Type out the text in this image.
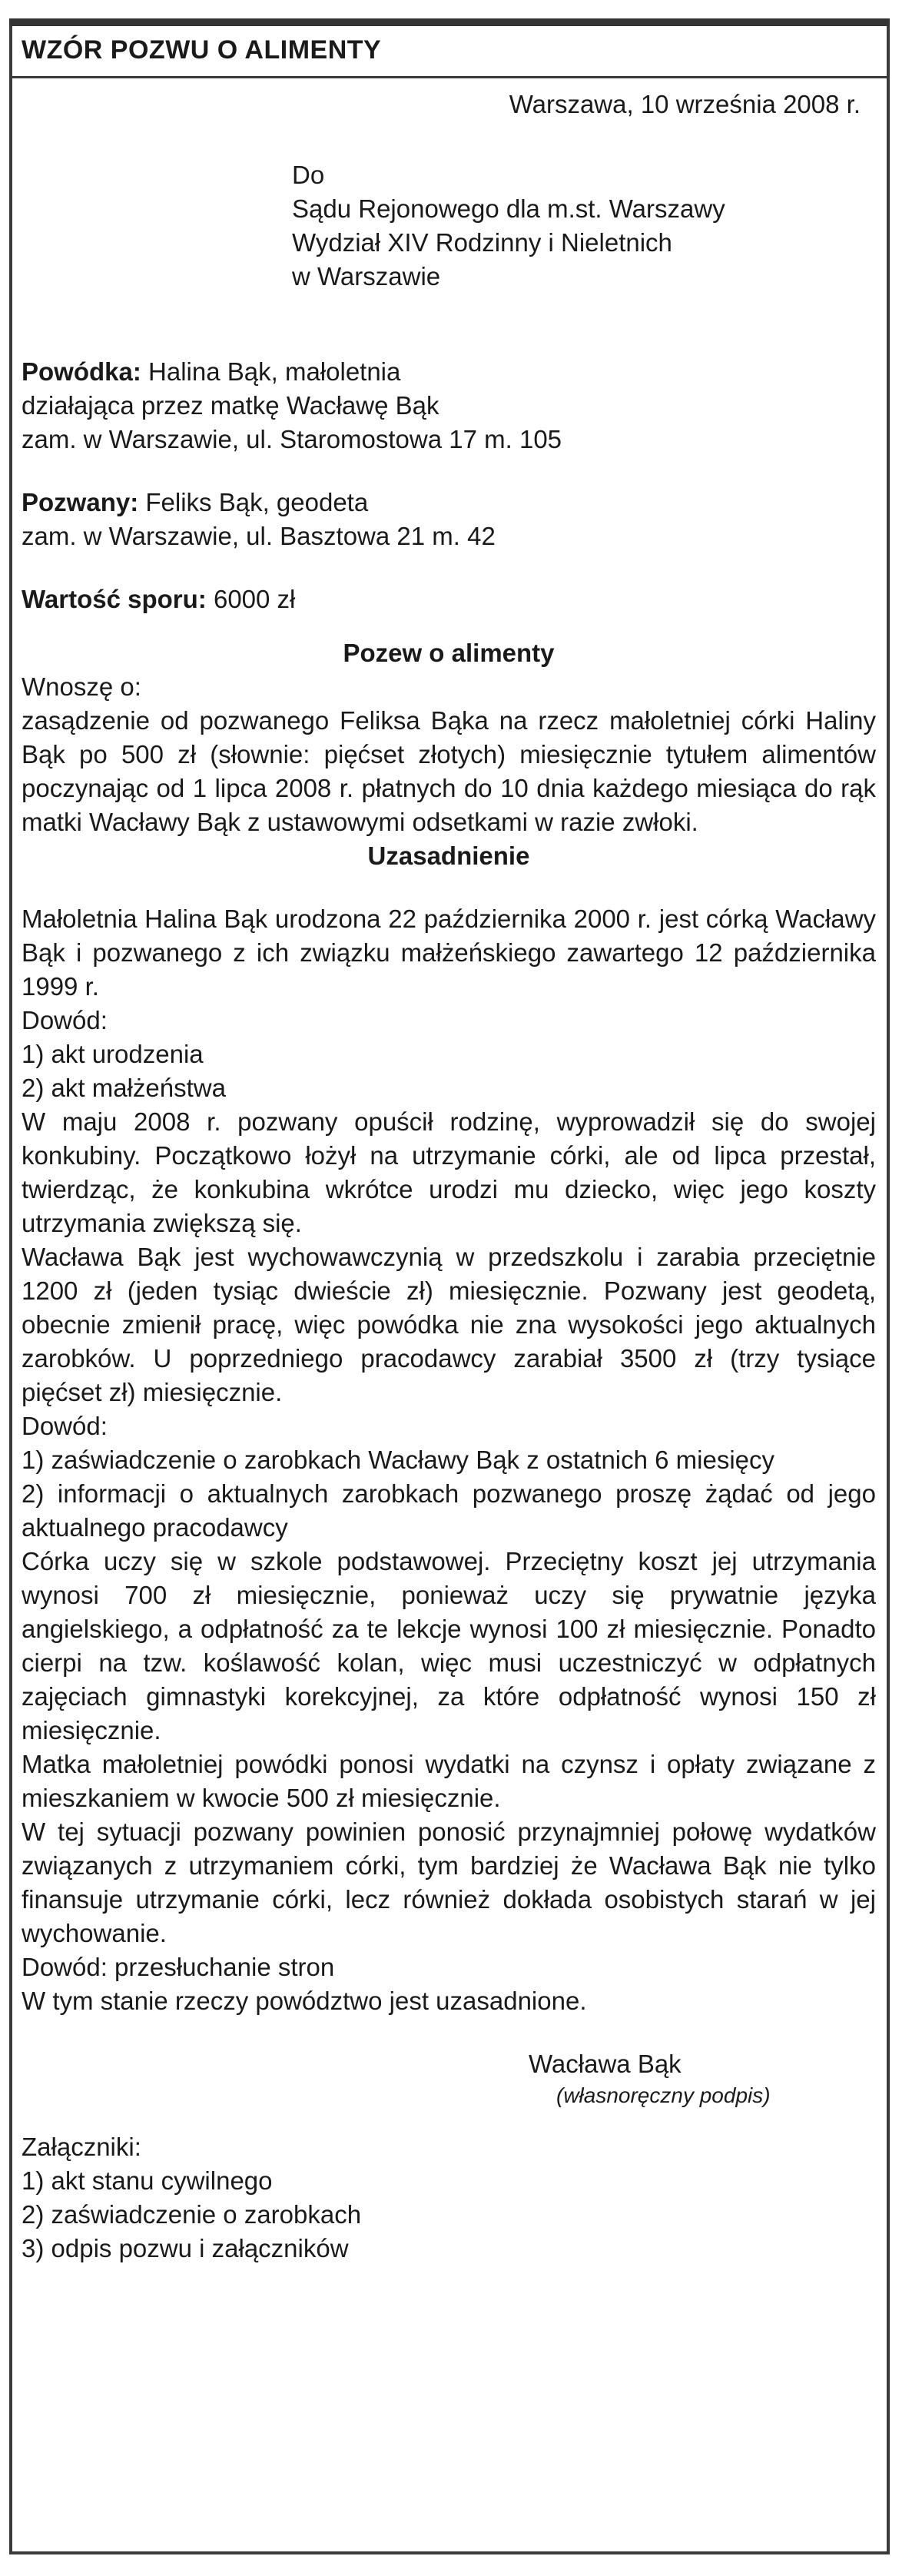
WZÓR POZWU O ALIMENTY
Warszawa, 10 września 2008 r.
Do
Sądu Rejonowego dla m.st. Warszawy
Wydział XIV Rodzinny i Nieletnich
w Warszawie
Powódka: Halina Bąk, małoletnia
działająca przez matkę Wacławę Bąk
zam. w Warszawie, ul. Staromostowa 17 m. 105
Pozwany: Feliks Bąk, geodeta
zam. w Warszawie, ul. Basztowa 21 m. 42
Wartość sporu: 6000 zł
Pozew o alimenty
Wnoszę o:
zasądzenie od pozwanego Feliksa Bąka na rzecz małoletniej córki Haliny Bąk po 500 zł (słownie: pięćset złotych) miesięcznie tytułem alimentów poczynając od 1 lipca 2008 r. płatnych do 10 dnia każdego miesiąca do rąk matki Wacławy Bąk z ustawowymi odsetkami w razie zwłoki.
Uzasadnienie
Małoletnia Halina Bąk urodzona 22 października 2000 r. jest córką Wacławy Bąk i pozwanego z ich związku małżeńskiego zawartego 12 października 1999 r.
Dowód:
1) akt urodzenia
2) akt małżeństwa
W maju 2008 r. pozwany opuścił rodzinę, wyprowadził się do swojej konkubiny. Początkowo łożył na utrzymanie córki, ale od lipca przestał, twierdząc, że konkubina wkrótce urodzi mu dziecko, więc jego koszty utrzymania zwiększą się.
Wacława Bąk jest wychowawczynią w przedszkolu i zarabia przeciętnie 1200 zł (jeden tysiąc dwieście zł) miesięcznie. Pozwany jest geodetą, obecnie zmienił pracę, więc powódka nie zna wysokości jego aktualnych zarobków. U poprzedniego pracodawcy zarabiał 3500 zł (trzy tysiące pięćset zł) miesięcznie.
Dowód:
1) zaświadczenie o zarobkach Wacławy Bąk z ostatnich 6 miesięcy
2) informacji o aktualnych zarobkach pozwanego proszę żądać od jego aktualnego pracodawcy
Córka uczy się w szkole podstawowej. Przeciętny koszt jej utrzymania wynosi 700 zł miesięcznie, ponieważ uczy się prywatnie języka angielskiego, a odpłatność za te lekcje wynosi 100 zł miesięcznie. Ponadto cierpi na tzw. koślawość kolan, więc musi uczestniczyć w odpłatnych zajęciach gimnastyki korekcyjnej, za które odpłatność wynosi 150 zł miesięcznie.
Matka małoletniej powódki ponosi wydatki na czynsz i opłaty związane z mieszkaniem w kwocie 500 zł miesięcznie.
W tej sytuacji pozwany powinien ponosić przynajmniej połowę wydatków związanych z utrzymaniem córki, tym bardziej że Wacława Bąk nie tylko finansuje utrzymanie córki, lecz również dokłada osobistych starań w jej wychowanie.
Dowód: przesłuchanie stron
W tym stanie rzeczy powództwo jest uzasadnione.
Wacława Bąk
(własnoręczny podpis)
Załączniki:
1) akt stanu cywilnego
2) zaświadczenie o zarobkach
3) odpis pozwu i załączników
